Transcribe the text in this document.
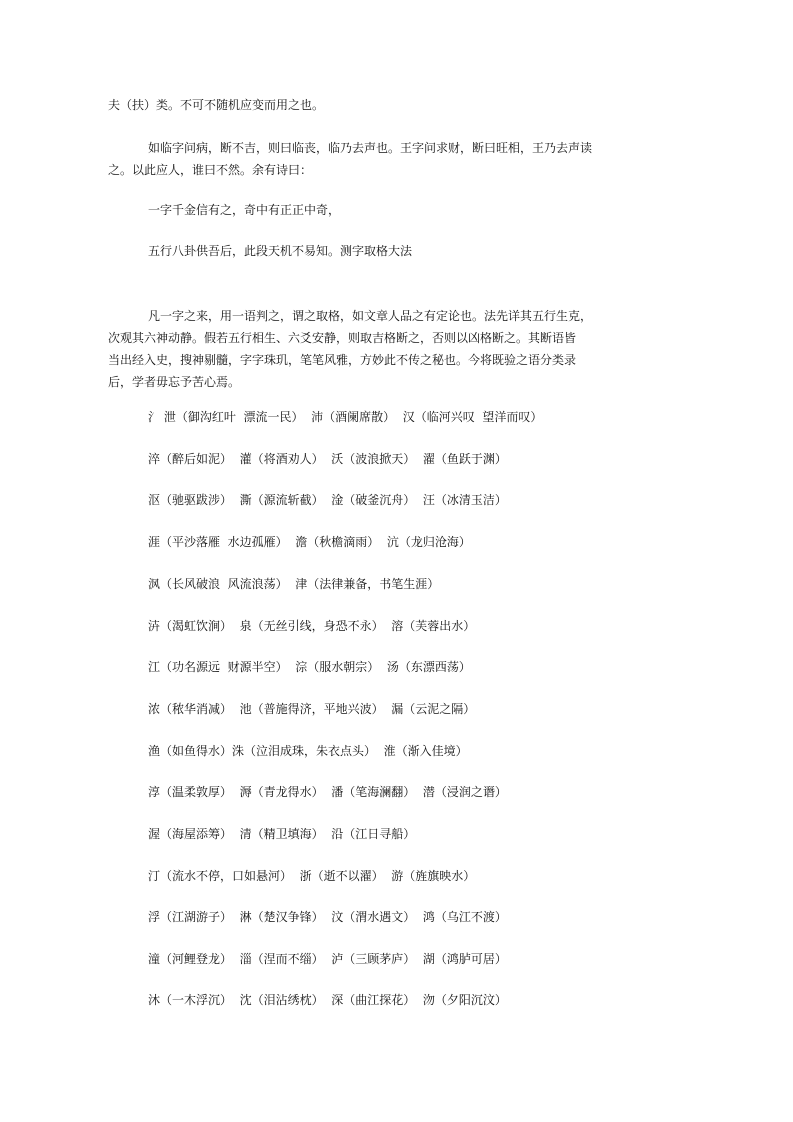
夫（扶）类。不可不随机应变而用之也。
如临字问病，断不吉，则曰临丧，临乃去声也。王字问求财，断曰旺相，王乃去声读
之。以此应人，谁曰不然。余有诗曰：
一字千金信有之，奇中有正正中奇，
五行八卦供吾后，此段天机不易知。测字取格大法
凡一字之来，用一语判之，谓之取格，如文章人品之有定论也。法先详其五行生克，
次观其六神动静。假若五行相生、六爻安静，则取吉格断之，否则以凶格断之。其断语皆
当出经入史，搜神剔髓，字字珠玑，笔笔风雅，方妙此不传之秘也。今将既验之语分类录
后，学者毋忘予苦心焉。
氵 泄（御沟红叶  漂流一民）  沛（酒阑席散）  汉（临河兴叹  望洋而叹）
淬（醉后如泥）  灌（将酒劝人）  沃（波浪掀天）  濯（鱼跃于渊）
沤（驰驱跋涉）  澌（源流斩截）  淦（破釜沉舟）  汪（冰清玉洁）
涯（平沙落雁  水边孤雁）  澹（秋檐滴雨）  沆（龙归沧海）
沨（长风破浪  风流浪荡）  津（法律兼备，书笔生涯）
泋（渴虹饮涧）  泉（无丝引线，身恐不永）  溶（芙蓉出水）
江（功名源远  财源半空）  淙（服水朝宗）  汤（东漂西荡）
浓（秾华消减）  池（普施得济，平地兴波）  漏（云泥之隔）
渔（如鱼得水）洙（泣泪成珠，朱衣点头）  淮（渐入佳境）
淳（温柔敦厚）  溽（青龙得水）  潘（笔海澜翻）  潜（浸润之谮）
渥（海屋添筹）  清（精卫填海）  沿（江日寻船）
汀（流水不停，口如悬河）  浙（逝不以濯）  游（旌旗映水）
浮（江湖游子）  淋（楚汉争锋）  汶（渭水遇文）  鸿（乌江不渡）
潼（河鲤登龙）  淄（涅而不缁）  泸（三顾茅庐）  湖（鸿胪可居）
沐（一木浮沉）  沈（泪沾绣枕）  深（曲江探花）  沕（夕阳沉汶）
